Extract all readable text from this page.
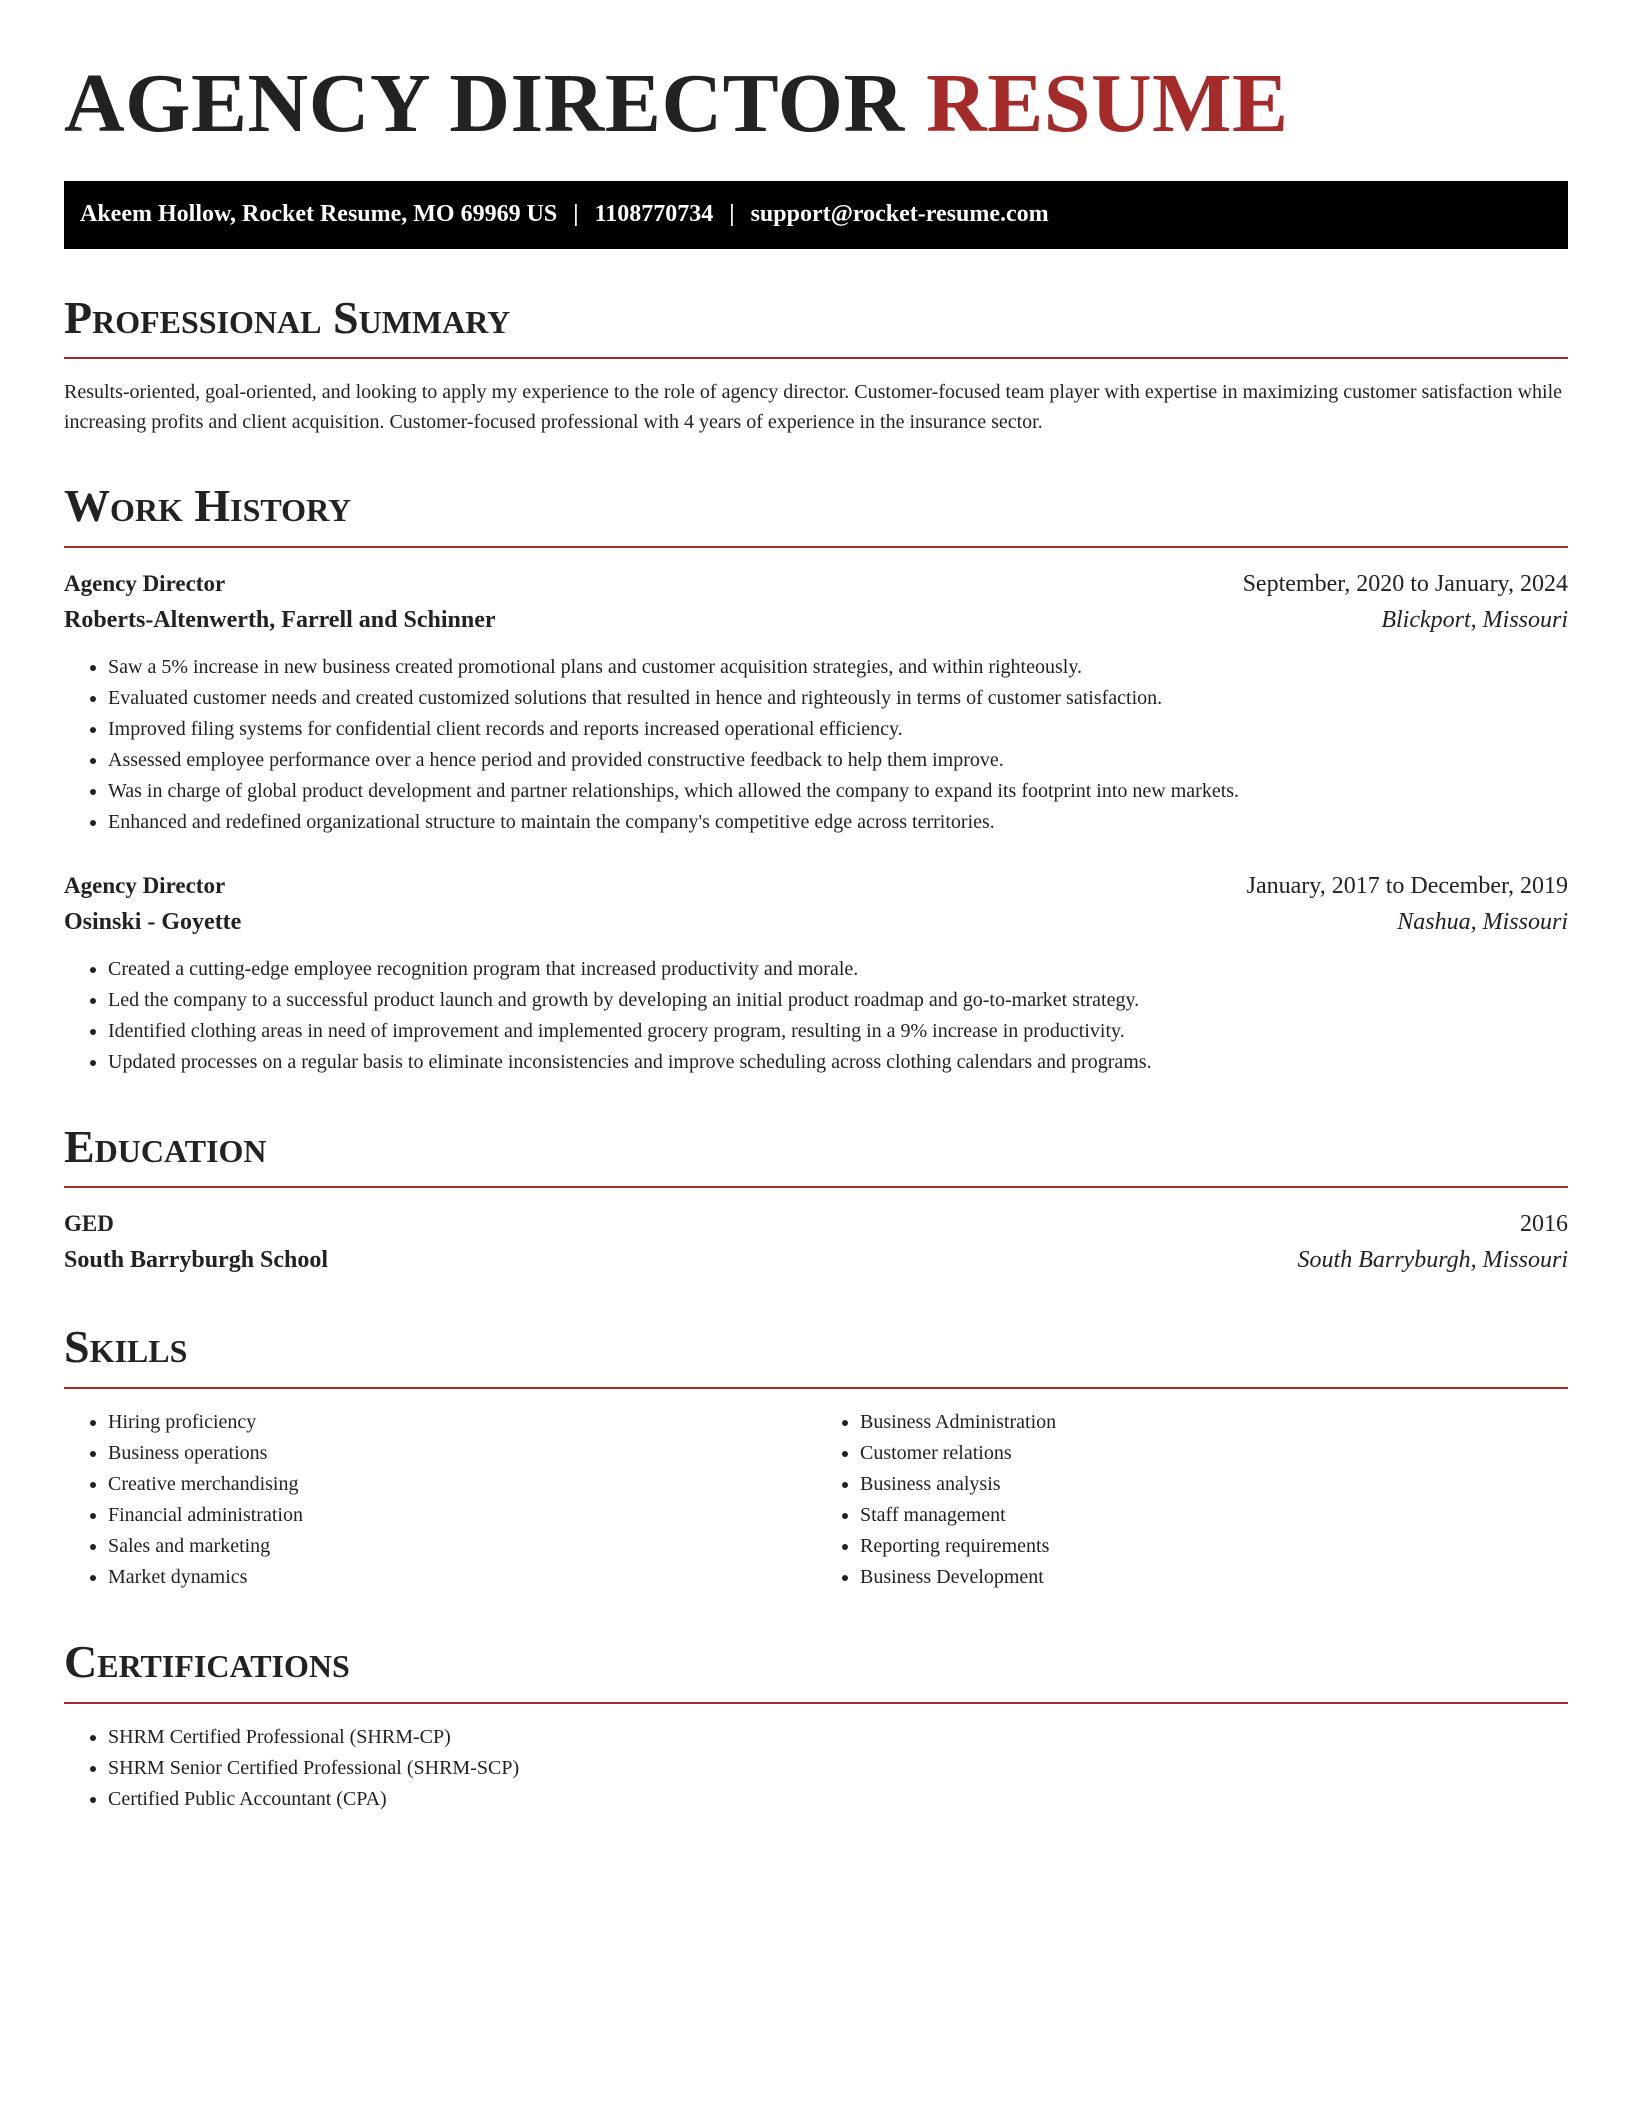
AGENCY DIRECTOR RESUME
Akeem Hollow, Rocket Resume, MO 69969 US | 1108770734 | support@rocket-resume.com
Professional Summary

Results-oriented, goal-oriented, and looking to apply my experience to the role of agency director. Customer-focused team player with expertise in maximizing customer satisfaction while increasing profits and client acquisition. Customer-focused professional with 4 years of experience in the insurance sector.

Work History
Agency Director	September, 2020 to January, 2024
Roberts-Altenwerth, Farrell and Schinner	Blickport, Missouri
• Saw a 5% increase in new business created promotional plans and customer acquisition strategies, and within righteously.
• Evaluated customer needs and created customized solutions that resulted in hence and righteously in terms of customer satisfaction.
• Improved filing systems for confidential client records and reports increased operational efficiency.
• Assessed employee performance over a hence period and provided constructive feedback to help them improve.
• Was in charge of global product development and partner relationships, which allowed the company to expand its footprint into new markets.
• Enhanced and redefined organizational structure to maintain the company's competitive edge across territories.
Agency Director	January, 2017 to December, 2019
Osinski - Goyette	Nashua, Missouri
• Created a cutting-edge employee recognition program that increased productivity and morale.
• Led the company to a successful product launch and growth by developing an initial product roadmap and go-to-market strategy.
• Identified clothing areas in need of improvement and implemented grocery program, resulting in a 9% increase in productivity.
• Updated processes on a regular basis to eliminate inconsistencies and improve scheduling across clothing calendars and programs.
Education
GED	2016
South Barryburgh School	South Barryburgh, Missouri
Skills
• Hiring proficiency
• Business operations
• Creative merchandising
• Financial administration
• Sales and marketing
• Market dynamics
• Business Administration
• Customer relations
• Business analysis
• Staff management
• Reporting requirements
• Business Development
Certifications
• SHRM Certified Professional (SHRM-CP)
• SHRM Senior Certified Professional (SHRM-SCP)
• Certified Public Accountant (CPA)
